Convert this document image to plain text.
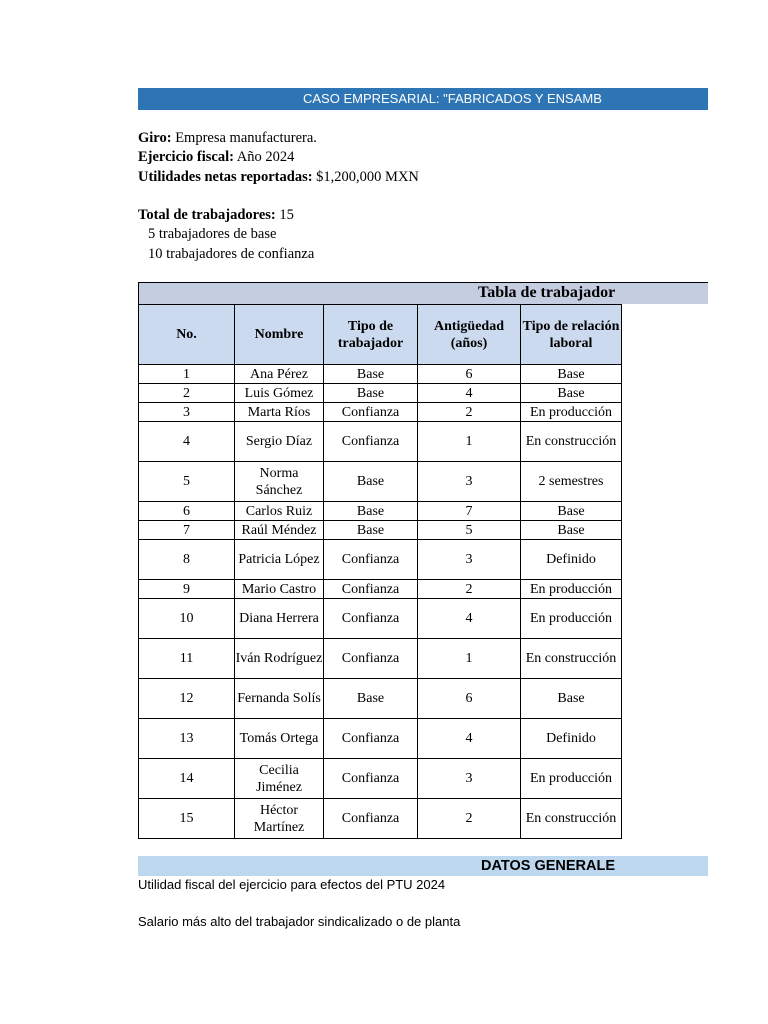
CASO EMPRESARIAL: "FABRICADOS Y ENSAMB
Giro: Empresa manufacturera.
Ejercicio fiscal: Año 2024
Utilidades netas reportadas: $1,200,000 MXN
Total de trabajadores: 15
5 trabajadores de base
10 trabajadores de confianza
Tabla de trabajador
No.	Nombre	Tipo de trabajador	Antigüedad (años)	Tipo de relación laboral
1	Ana Pérez	Base	6	Base
2	Luis Gómez	Base	4	Base
3	Marta Ríos	Confianza	2	En producción
4	Sergio Díaz	Confianza	1	En construcción
5	Norma Sánchez	Base	3	2 semestres
6	Carlos Ruiz	Base	7	Base
7	Raúl Méndez	Base	5	Base
8	Patricia López	Confianza	3	Definido
9	Mario Castro	Confianza	2	En producción
10	Diana Herrera	Confianza	4	En producción
11	Iván Rodríguez	Confianza	1	En construcción
12	Fernanda Solís	Base	6	Base
13	Tomás Ortega	Confianza	4	Definido
14	Cecilia Jiménez	Confianza	3	En producción
15	Héctor Martínez	Confianza	2	En construcción
DATOS GENERALE
Utilidad fiscal del ejercicio para efectos del PTU 2024
Salario más alto del trabajador sindicalizado o de planta
